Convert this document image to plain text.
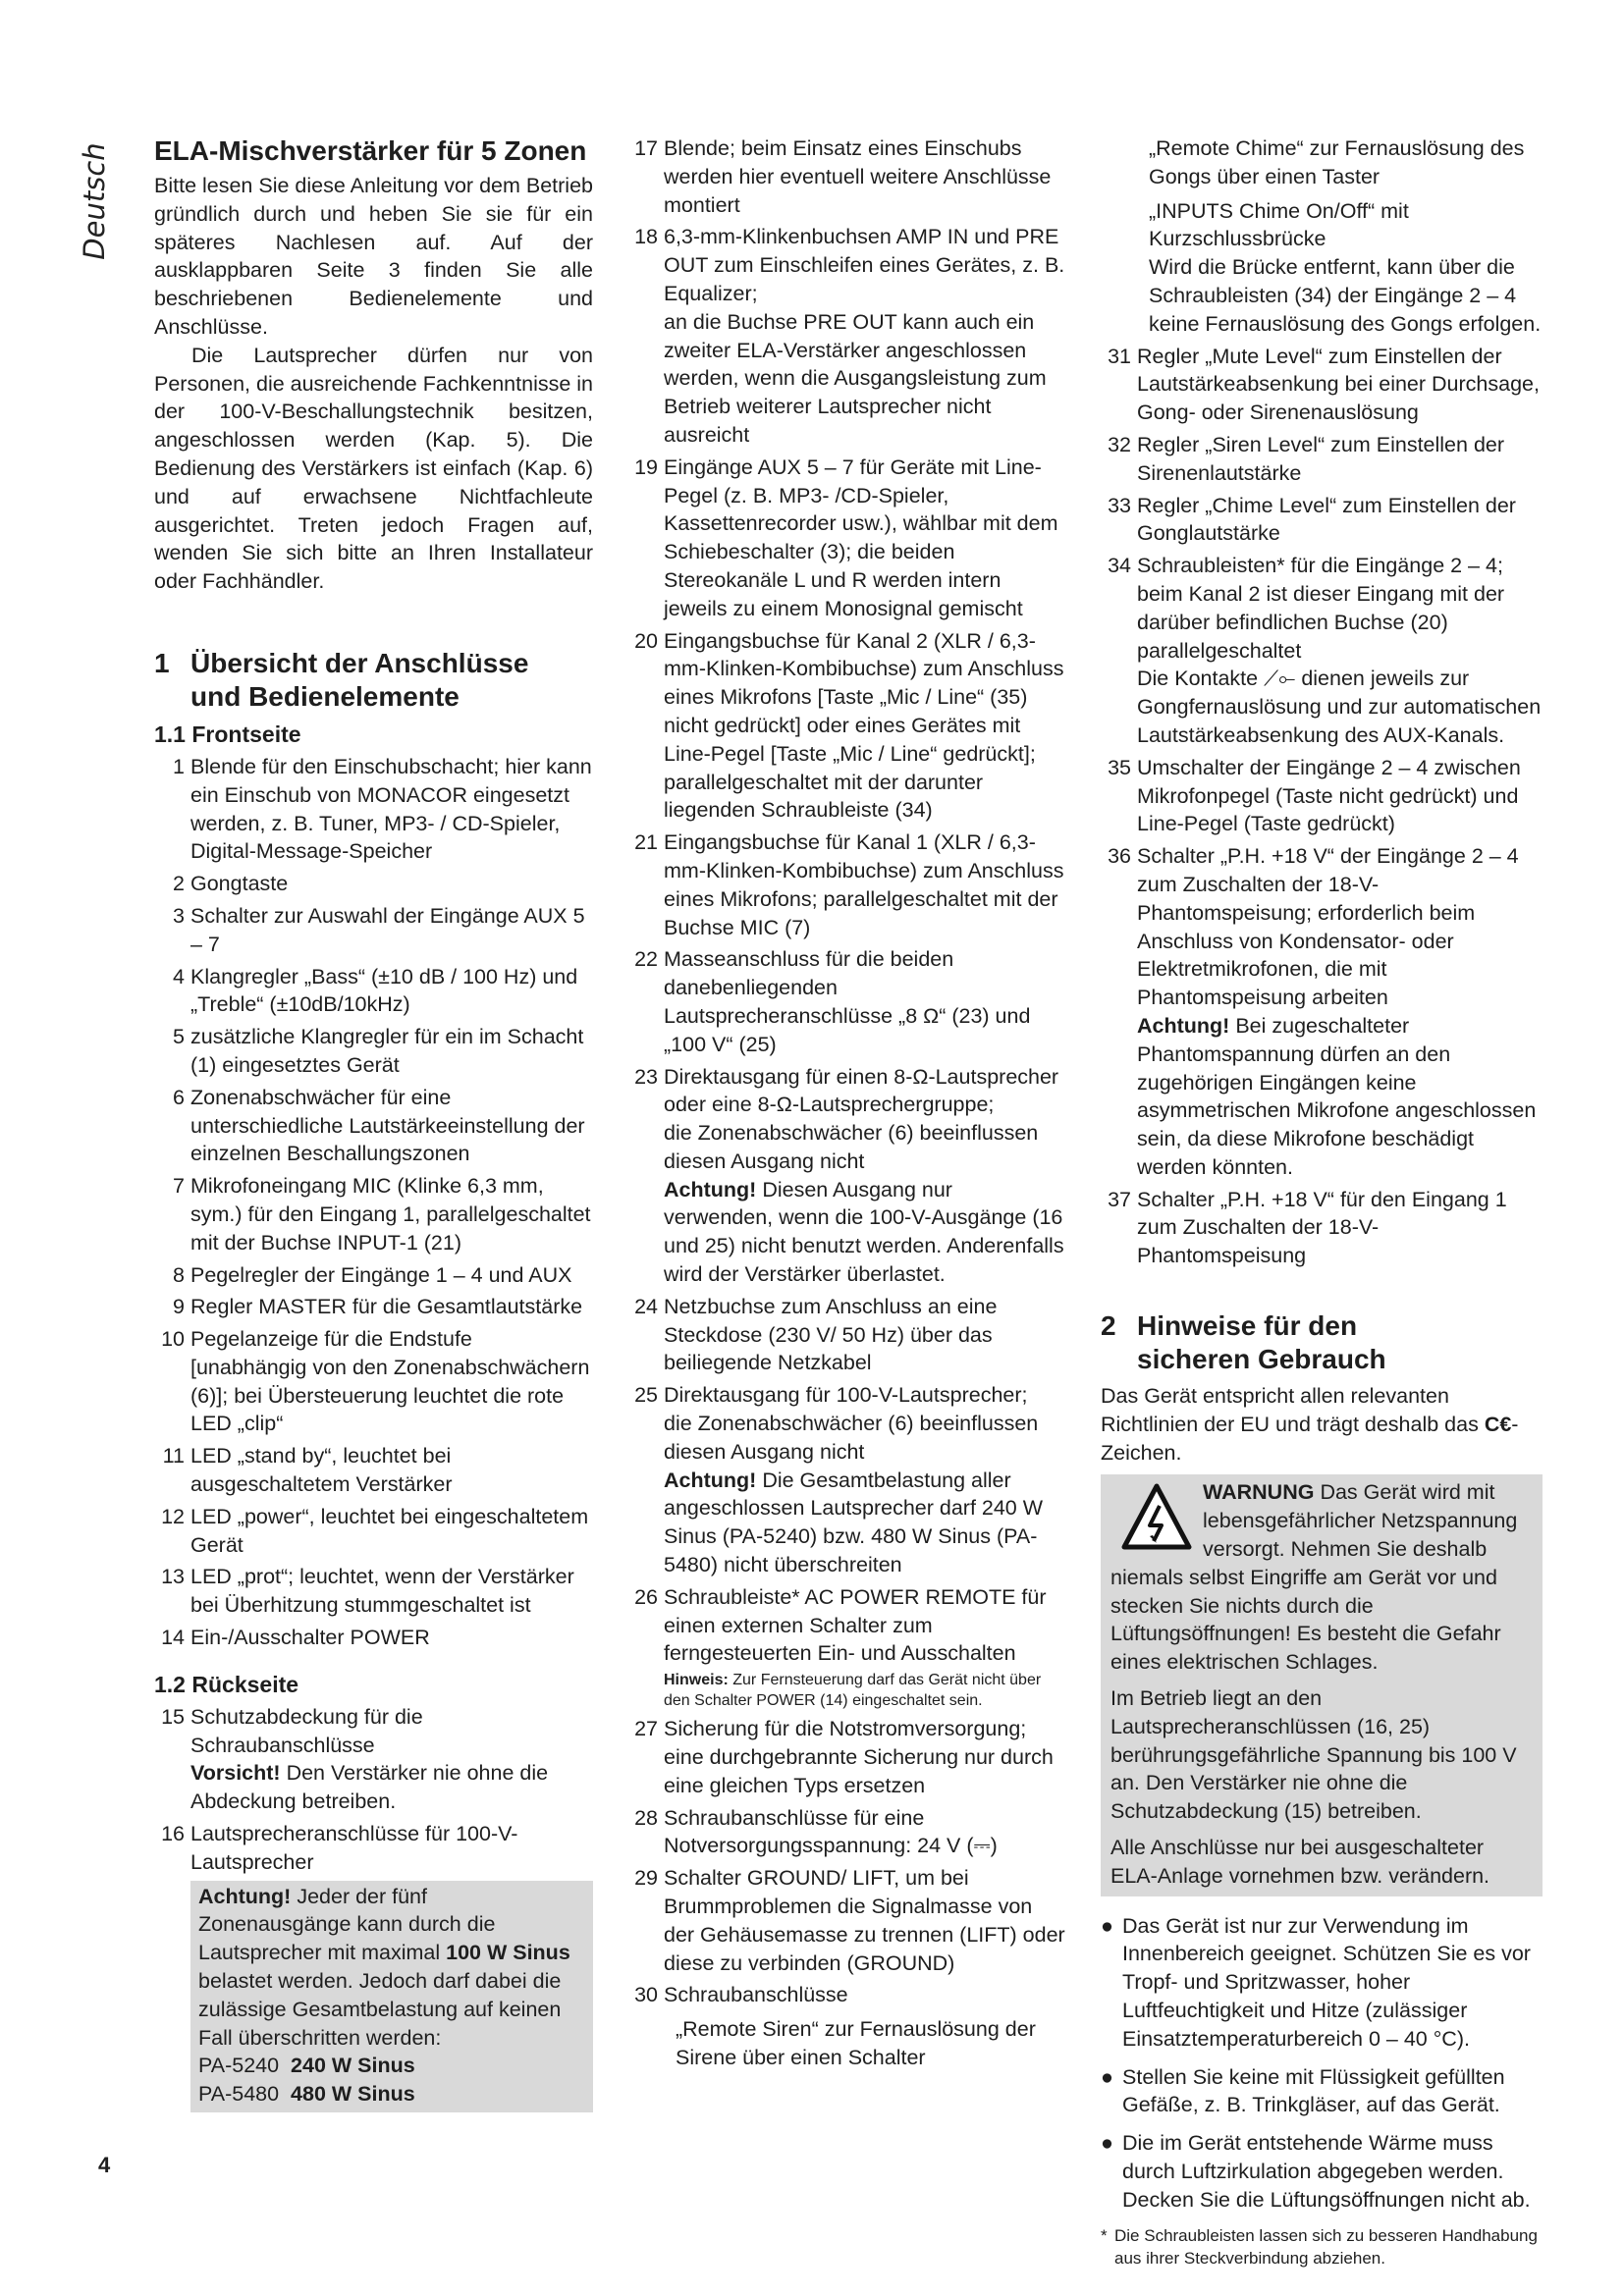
Deutsch ELA-Mischverstärker für 5 Zonen

Bitte lesen Sie diese Anleitung vor dem Betrieb gründlich durch und heben Sie sie für ein späteres Nachlesen auf. Auf der ausklappbaren Seite 3 finden Sie alle beschriebenen Bedienelemente und Anschlüsse.

Die Lautsprecher dürfen nur von Personen, die ausreichende Fachkenntnisse in der 100-V-Beschallungstechnik besitzen, angeschlossen werden (Kap. 5). Die Bedienung des Verstärkers ist einfach (Kap. 6) und auf erwachsene Nichtfachleute ausgerichtet. Treten jedoch Fragen auf, wenden Sie sich bitte an Ihren Installateur oder Fachhändler.

1 Übersicht der Anschlüsse
und Bedienelemente
1.1 Frontseite
1 Blende für den Einschubschacht; hier kann ein Einschub von MONACOR eingesetzt werden, z. B. Tuner, MP3- / CD-Spieler, Digital-Message-Speicher
2 Gongtaste
3 Schalter zur Auswahl der Eingänge AUX 5 – 7
4 Klangregler „Bass“ (±10 dB / 100 Hz) und „Treble“ (±10dB/10kHz)
5 zusätzliche Klangregler für ein im Schacht (1) eingesetztes Gerät
6 Zonenabschwächer für eine unterschiedliche Lautstärkeeinstellung der einzelnen Beschallungszonen
7 Mikrofoneingang MIC (Klinke 6,3 mm, sym.) für den Eingang 1, parallelgeschaltet mit der Buchse INPUT-1 (21)
8 Pegelregler der Eingänge 1 – 4 und AUX
9 Regler MASTER für die Gesamtlautstärke
10 Pegelanzeige für die Endstufe [unabhängig von den Zonenabschwächern (6)]; bei Übersteuerung leuchtet die rote LED „clip“
11 LED „stand by“, leuchtet bei ausgeschaltetem Verstärker
12 LED „power“, leuchtet bei eingeschaltetem Gerät
13 LED „prot“; leuchtet, wenn der Verstärker bei Überhitzung stummgeschaltet ist
14 Ein-/Ausschalter POWER
1.2 Rückseite
15 Schutzabdeckung für die Schraubanschlüsse
Vorsicht! Den Verstärker nie ohne die Abdeckung betreiben.
16 Lautsprecheranschlüsse für 100-V-Lautsprecher
Achtung! Jeder der fünf Zonenausgänge kann durch die Lautsprecher mit maximal 100 W Sinus belastet werden. Jedoch darf dabei die zulässige Gesamtbelastung auf keinen Fall überschritten werden:
PA-5240 240 W Sinus
PA-5480 480 W Sinus
17 Blende; beim Einsatz eines Einschubs werden hier eventuell weitere Anschlüsse montiert
18 6,3-mm-Klinkenbuchsen AMP IN und PRE OUT zum Einschleifen eines Gerätes, z. B. Equalizer;
an die Buchse PRE OUT kann auch ein zweiter ELA-Verstärker angeschlossen werden, wenn die Ausgangsleistung zum Betrieb weiterer Lautsprecher nicht ausreicht
19 Eingänge AUX 5 – 7 für Geräte mit Line-Pegel (z. B. MP3- /CD-Spieler, Kassettenrecorder usw.), wählbar mit dem Schiebeschalter (3); die beiden Stereokanäle L und R werden intern jeweils zu einem Monosignal gemischt
20 Eingangsbuchse für Kanal 2 (XLR / 6,3-mm-Klinken-Kombibuchse) zum Anschluss eines Mikrofons [Taste „Mic / Line“ (35) nicht gedrückt] oder eines Gerätes mit Line-Pegel [Taste „Mic / Line“ gedrückt]; parallelgeschaltet mit der darunter liegenden Schraubleiste (34)
21 Eingangsbuchse für Kanal 1 (XLR / 6,3-mm-Klinken-Kombibuchse) zum Anschluss eines Mikrofons; parallelgeschaltet mit der Buchse MIC (7)
22 Masseanschluss für die beiden danebenliegenden Lautsprecheranschlüsse „8 Ω“ (23) und „100 V“ (25)
23 Direktausgang für einen 8-Ω-Lautsprecher oder eine 8-Ω-Lautsprechergruppe;
die Zonenabschwächer (6) beeinflussen diesen Ausgang nicht
Achtung! Diesen Ausgang nur verwenden, wenn die 100-V-Ausgänge (16 und 25) nicht benutzt werden. Anderenfalls wird der Verstärker überlastet.
24 Netzbuchse zum Anschluss an eine Steckdose (230 V/ 50 Hz) über das beiliegende Netzkabel
25 Direktausgang für 100-V-Lautsprecher;
die Zonenabschwächer (6) beeinflussen diesen Ausgang nicht
Achtung! Die Gesamtbelastung aller angeschlossen Lautsprecher darf 240 W Sinus (PA-5240) bzw. 480 W Sinus (PA-5480) nicht überschreiten
26 Schraubleiste* AC POWER REMOTE für einen externen Schalter zum ferngesteuerten Ein- und Ausschalten
Hinweis: Zur Fernsteuerung darf das Gerät nicht über den Schalter POWER (14) eingeschaltet sein.
27 Sicherung für die Notstromversorgung; eine durchgebrannte Sicherung nur durch eine gleichen Typs ersetzen
28 Schraubanschlüsse für eine Notversorgungsspannung: 24 V (⎓)
29 Schalter GROUND/ LIFT, um bei Brummproblemen die Signalmasse von der Gehäusemasse zu trennen (LIFT) oder diese zu verbinden (GROUND)
30 Schraubanschlüsse

„Remote Siren“ zur Fernauslösung der Sirene über einen Schalter

„Remote Chime“ zur Fernauslösung des Gongs über einen Taster

„INPUTS Chime On/Off“ mit Kurzschlussbrücke

Wird die Brücke entfernt, kann über die Schraubleisten (34) der Eingänge 2 – 4 keine Fernauslösung des Gongs erfolgen.

31 Regler „Mute Level“ zum Einstellen der Lautstärkeabsenkung bei einer Durchsage, Gong- oder Sirenenauslösung
32 Regler „Siren Level“ zum Einstellen der Sirenenlautstärke
33 Regler „Chime Level“ zum Einstellen der Gonglautstärke
34 Schraubleisten* für die Eingänge 2 – 4; beim Kanal 2 ist dieser Eingang mit der darüber befindlichen Buchse (20) parallelgeschaltet
Die Kontakte ⟋⟜ dienen jeweils zur Gongfernauslösung und zur automatischen Lautstärkeabsenkung des AUX-Kanals.
35 Umschalter der Eingänge 2 – 4 zwischen Mikrofonpegel (Taste nicht gedrückt) und Line-Pegel (Taste gedrückt)
36 Schalter „P.H. +18 V“ der Eingänge 2 – 4 zum Zuschalten der 18-V-Phantomspeisung; erforderlich beim Anschluss von Kondensator- oder Elektretmikrofonen, die mit Phantomspeisung arbeiten
Achtung! Bei zugeschalteter Phantomspannung dürfen an den zugehörigen Eingängen keine asymmetrischen Mikrofone angeschlossen sein, da diese Mikrofone beschädigt werden könnten.
37 Schalter „P.H. +18 V“ für den Eingang 1 zum Zuschalten der 18-V-Phantomspeisung
2 Hinweise für den
sicheren Gebrauch

Das Gerät entspricht allen relevanten Richtlinien der EU und trägt deshalb das C€-Zeichen.

WARNUNG Das Gerät wird mit lebensgefährlicher Netzspannung versorgt. Nehmen Sie deshalb niemals selbst Eingriffe am Gerät vor und stecken Sie nichts durch die Lüftungsöffnungen! Es besteht die Gefahr eines elektrischen Schlages.

Im Betrieb liegt an den Lautsprecheranschlüssen (16, 25) berührungsgefährliche Spannung bis 100 V an. Den Verstärker nie ohne die Schutzabdeckung (15) betreiben.

Alle Anschlüsse nur bei ausgeschalteter ELA-Anlage vornehmen bzw. verändern.

● Das Gerät ist nur zur Verwendung im Innenbereich geeignet. Schützen Sie es vor Tropf- und Spritzwasser, hoher Luftfeuchtigkeit und Hitze (zulässiger Einsatztemperaturbereich 0 – 40 °C).
● Stellen Sie keine mit Flüssigkeit gefüllten Gefäße, z. B. Trinkgläser, auf das Gerät.
● Die im Gerät entstehende Wärme muss durch Luftzirkulation abgegeben werden. Decken Sie die Lüftungsöffnungen nicht ab.
* Die Schraubleisten lassen sich zu besseren Handhabung aus ihrer Steckverbindung abziehen.
4
